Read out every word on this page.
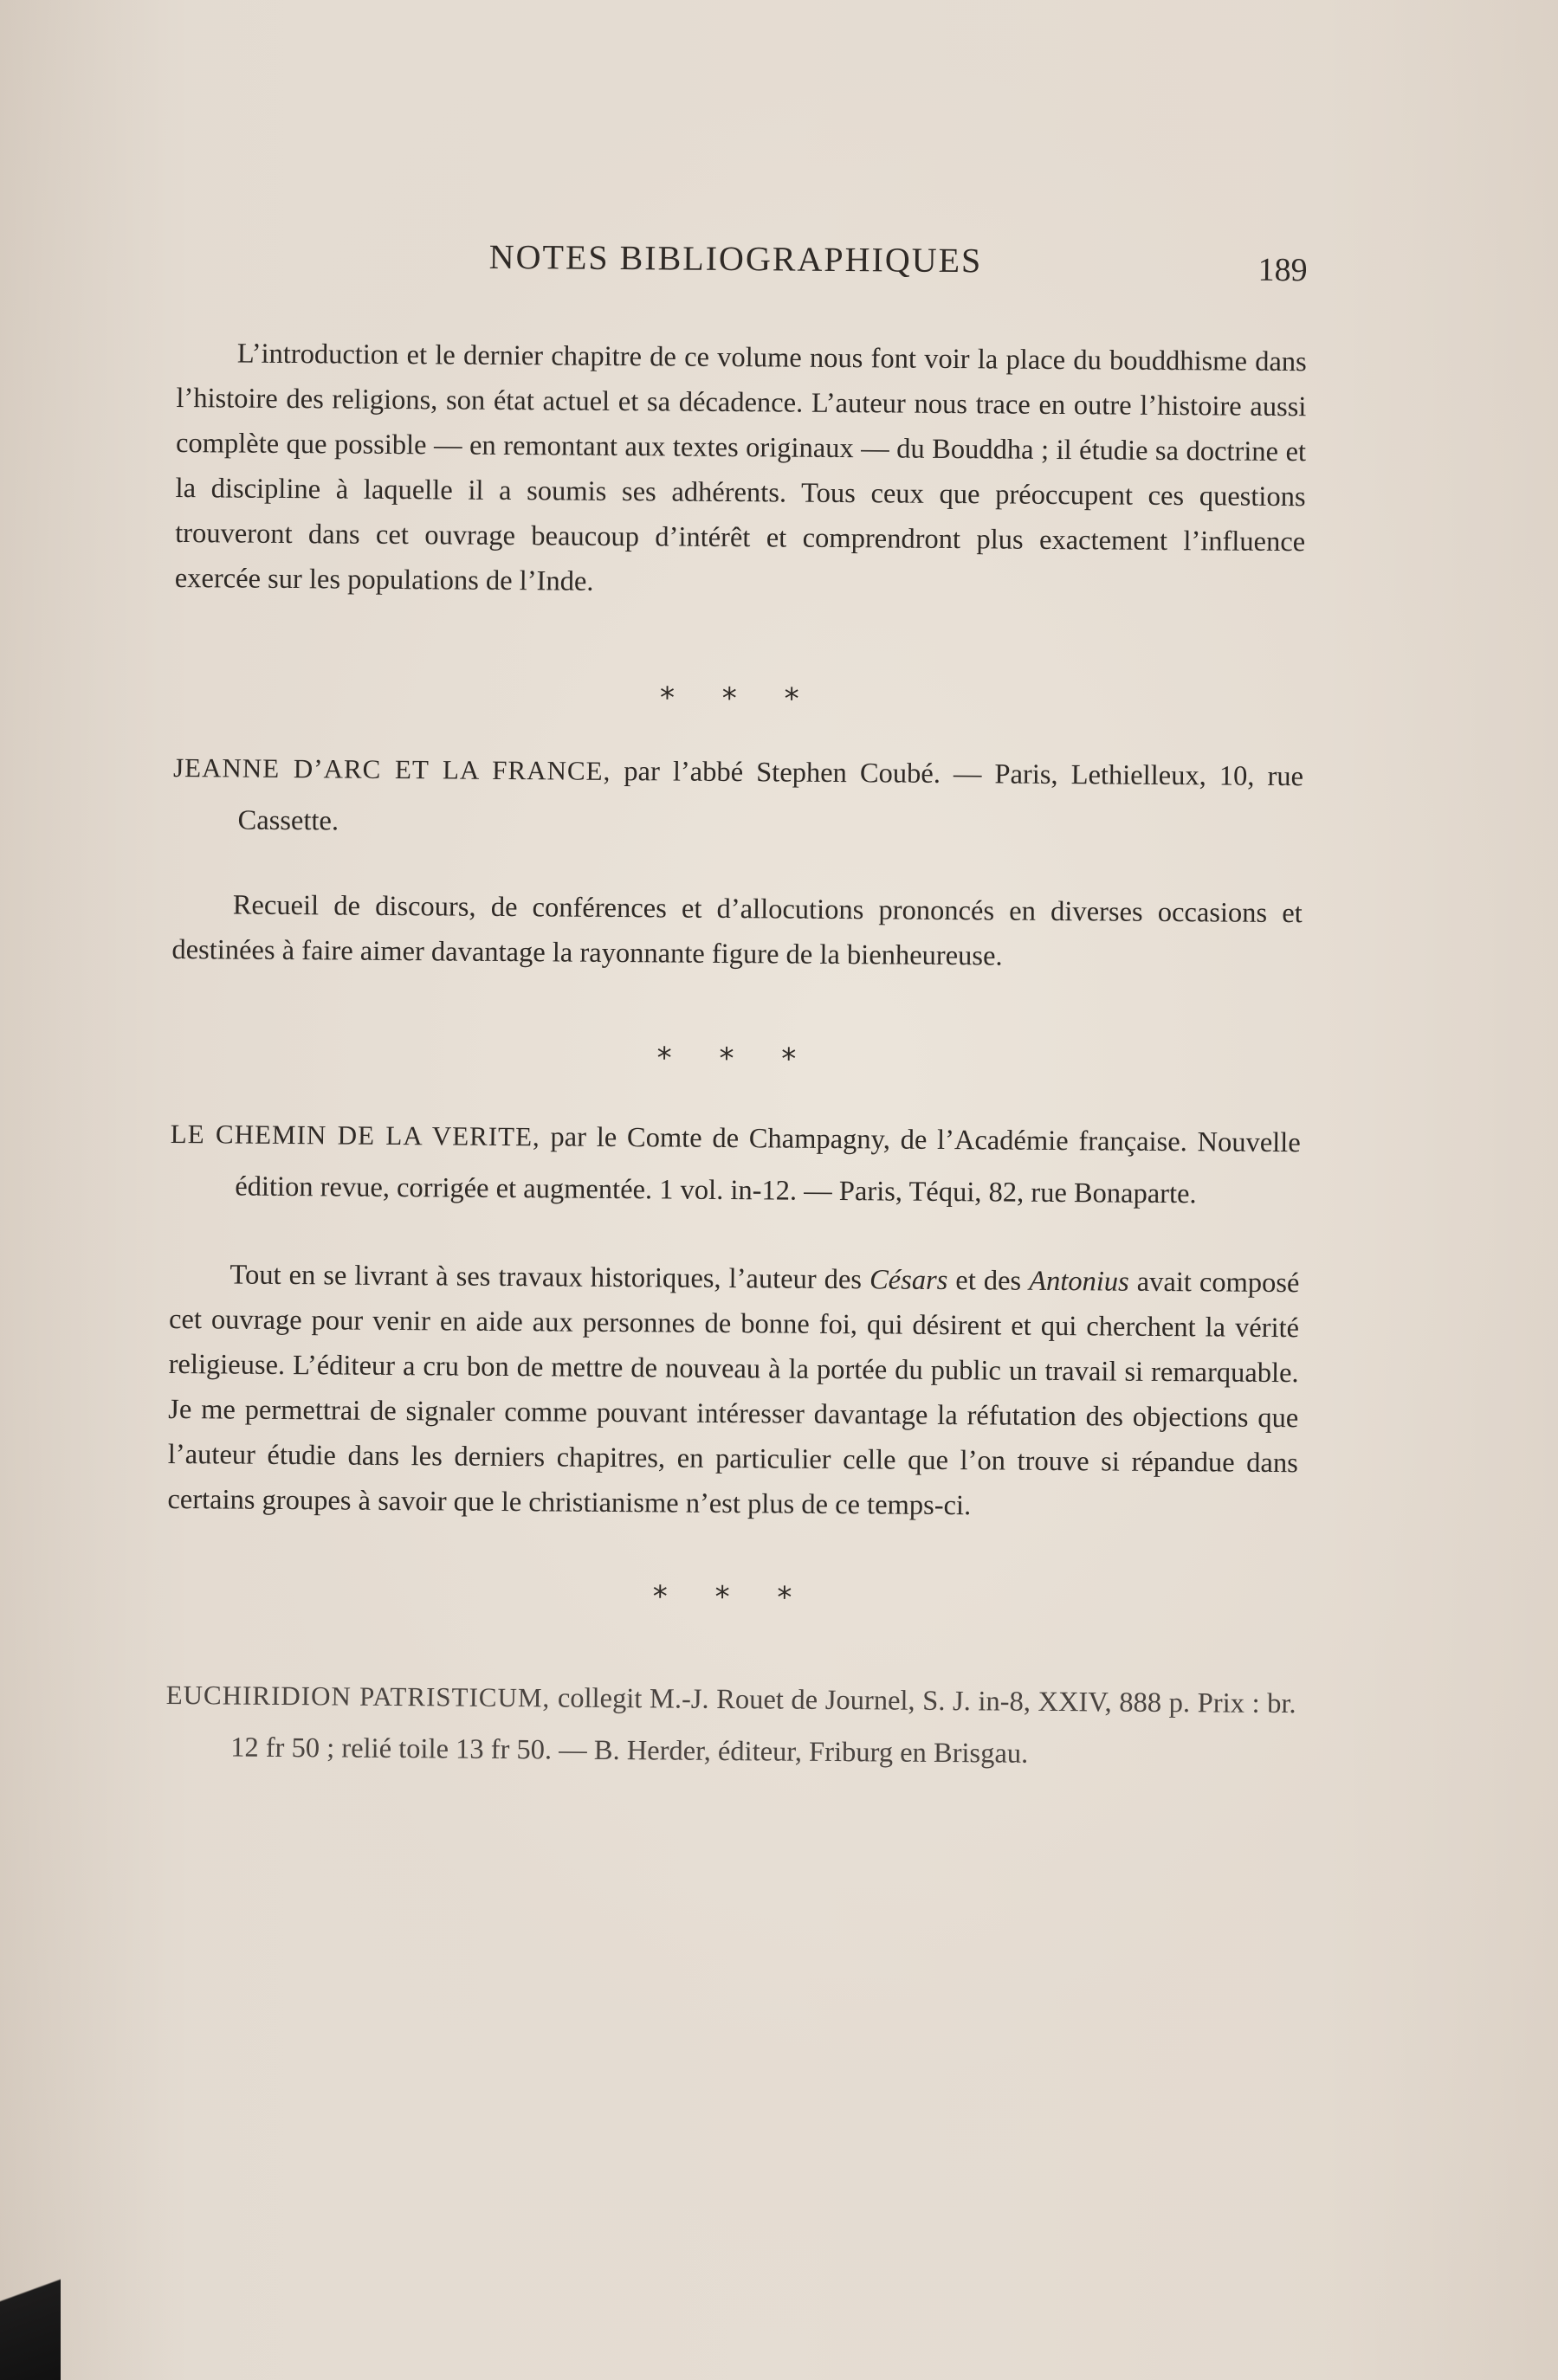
NOTES BIBLIOGRAPHIQUES	189

L’introduction et le dernier chapitre de ce volume nous font voir la place du bouddhisme dans l’histoire des religions, son état actuel et sa décadence. L’auteur nous trace en outre l’histoire aussi complète que possible — en remontant aux textes originaux — du Bouddha ; il étudie sa doctrine et la discipline à laquelle il a soumis ses adhérents. Tous ceux que préoccupent ces questions trouveront dans cet ouvrage beaucoup d’intérêt et comprendront plus exactement l’influence exercée sur les populations de l’Inde.

* * *

JEANNE D’ARC ET LA FRANCE, par l’abbé Stephen Coubé. — Paris, Lethielleux, 10, rue Cassette.

Recueil de discours, de conférences et d’allocutions prononcés en diverses occasions et destinées à faire aimer davantage la rayonnante figure de la bienheureuse.

* * *

LE CHEMIN DE LA VERITE, par le Comte de Champagny, de l’Académie française. Nouvelle édition revue, corrigée et augmentée. 1 vol. in-12. — Paris, Téqui, 82, rue Bonaparte.

Tout en se livrant à ses travaux historiques, l’auteur des Césars et des Antonius avait composé cet ouvrage pour venir en aide aux personnes de bonne foi, qui désirent et qui cherchent la vérité religieuse. L’éditeur a cru bon de mettre de nouveau à la portée du public un travail si remarquable. Je me permettrai de signaler comme pouvant intéresser davantage la réfutation des objections que l’auteur étudie dans les derniers chapitres, en particulier celle que l’on trouve si répandue dans certains groupes à savoir que le christianisme n’est plus de ce temps-ci.

* * *

EUCHIRIDION PATRISTICUM, collegit M.-J. Rouet de Journel, S. J. in-8, XXIV, 888 p. Prix : br. 12 fr 50 ; relié toile 13 fr 50. — B. Herder, éditeur, Friburg en Brisgau.
